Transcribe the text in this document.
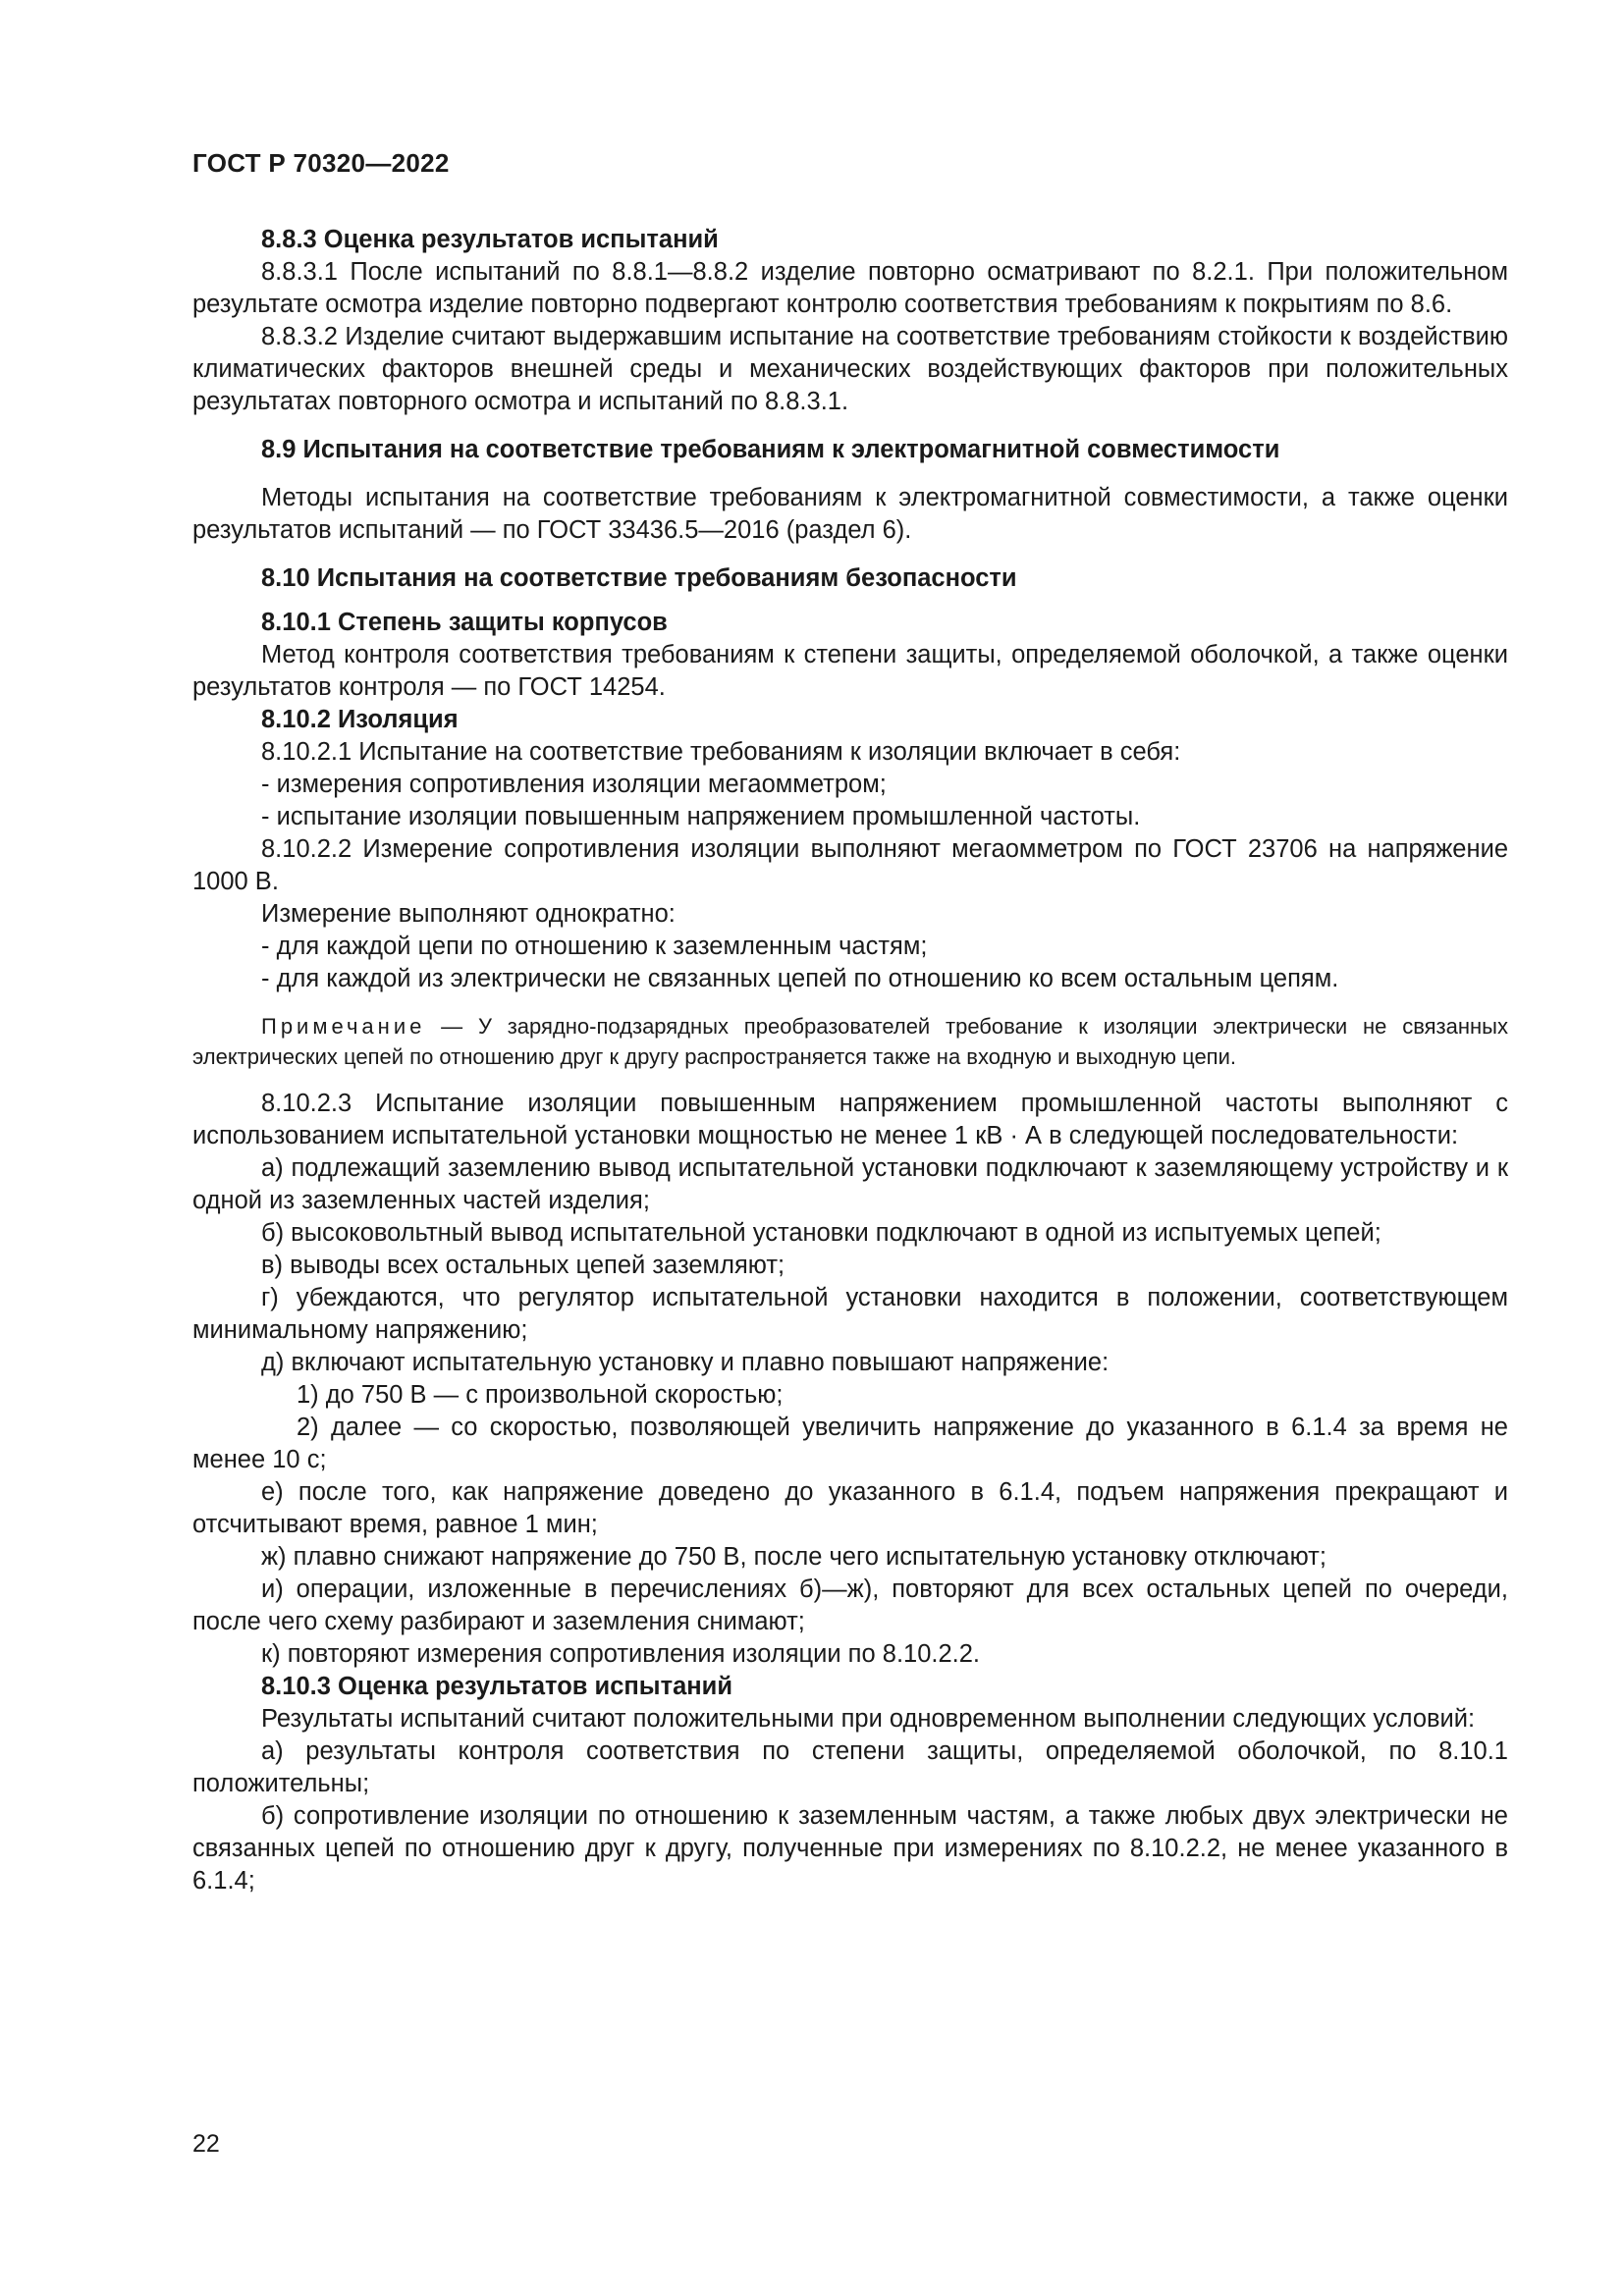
ГОСТ Р 70320—2022

8.8.3 Оценка результатов испытаний

8.8.3.1 После испытаний по 8.8.1—8.8.2 изделие повторно осматривают по 8.2.1. При положительном результате осмотра изделие повторно подвергают контролю соответствия требованиям к покрытиям по 8.6.

8.8.3.2 Изделие считают выдержавшим испытание на соответствие требованиям стойкости к воздействию климатических факторов внешней среды и механических воздействующих факторов при положительных результатах повторного осмотра и испытаний по 8.8.3.1.

8.9 Испытания на соответствие требованиям к электромагнитной совместимости

Методы испытания на соответствие требованиям к электромагнитной совместимости, а также оценки результатов испытаний — по ГОСТ 33436.5—2016 (раздел 6).

8.10 Испытания на соответствие требованиям безопасности

8.10.1 Степень защиты корпусов

Метод контроля соответствия требованиям к степени защиты, определяемой оболочкой, а также оценки результатов контроля — по ГОСТ 14254.

8.10.2 Изоляция

8.10.2.1 Испытание на соответствие требованиям к изоляции включает в себя:

- измерения сопротивления изоляции мегаомметром;

- испытание изоляции повышенным напряжением промышленной частоты.

8.10.2.2 Измерение сопротивления изоляции выполняют мегаомметром по ГОСТ 23706 на напряжение 1000 В.

Измерение выполняют однократно:

- для каждой цепи по отношению к заземленным частям;

- для каждой из электрически не связанных цепей по отношению ко всем остальным цепям.

Примечание — У зарядно-подзарядных преобразователей требование к изоляции электрически не связанных электрических цепей по отношению друг к другу распространяется также на входную и выходную цепи.

8.10.2.3 Испытание изоляции повышенным напряжением промышленной частоты выполняют с использованием испытательной установки мощностью не менее 1 кВ · А в следующей последовательности:

а) подлежащий заземлению вывод испытательной установки подключают к заземляющему устройству и к одной из заземленных частей изделия;

б) высоковольтный вывод испытательной установки подключают в одной из испытуемых цепей;

в) выводы всех остальных цепей заземляют;

г) убеждаются, что регулятор испытательной установки находится в положении, соответствующем минимальному напряжению;

д) включают испытательную установку и плавно повышают напряжение:

1) до 750 В — с произвольной скоростью;

2) далее — со скоростью, позволяющей увеличить напряжение до указанного в 6.1.4 за время не менее 10 с;

е) после того, как напряжение доведено до указанного в 6.1.4, подъем напряжения прекращают и отсчитывают время, равное 1 мин;

ж) плавно снижают напряжение до 750 В, после чего испытательную установку отключают;

и) операции, изложенные в перечислениях б)—ж), повторяют для всех остальных цепей по очереди, после чего схему разбирают и заземления снимают;

к) повторяют измерения сопротивления изоляции по 8.10.2.2.

8.10.3 Оценка результатов испытаний

Результаты испытаний считают положительными при одновременном выполнении следующих условий:

а) результаты контроля соответствия по степени защиты, определяемой оболочкой, по 8.10.1 положительны;

б) сопротивление изоляции по отношению к заземленным частям, а также любых двух электрически не связанных цепей по отношению друг к другу, полученные при измерениях по 8.10.2.2, не менее указанного в 6.1.4;

22
